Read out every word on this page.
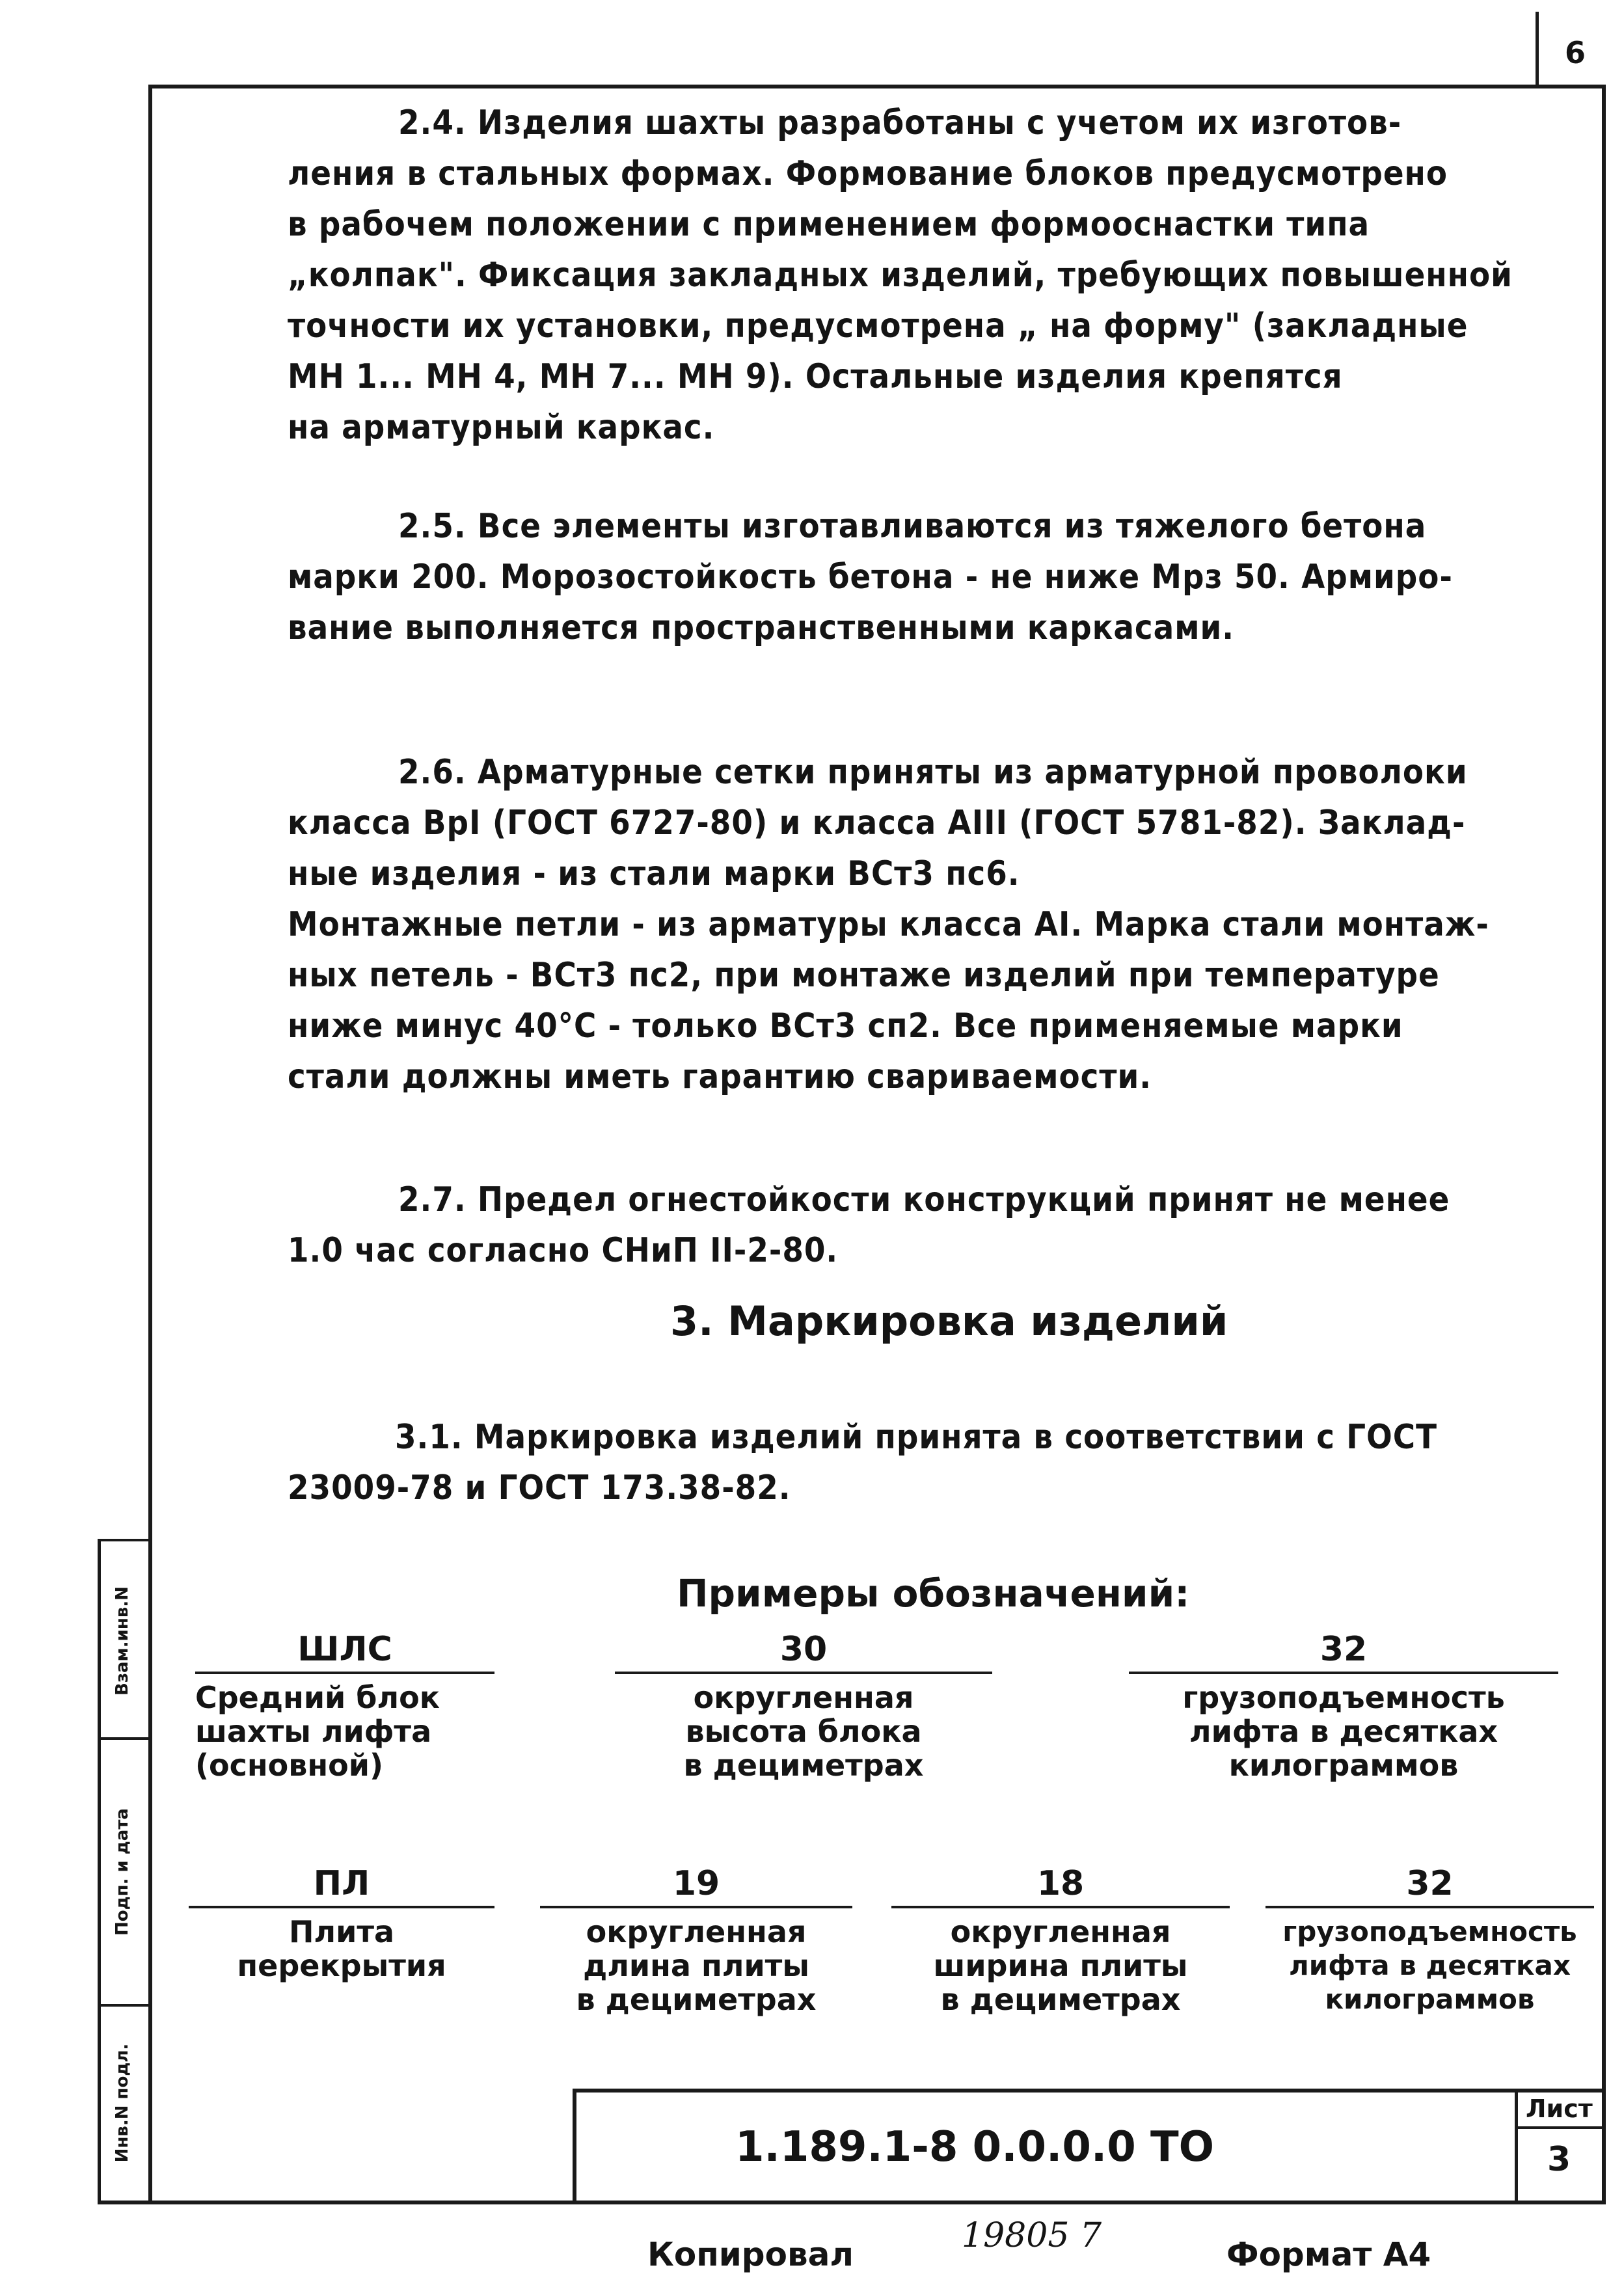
6
Взам.инв.N
Подп. и дата
Инв.N подл.
2.4. Изделия шахты разработаны с учетом их изготов-
ления в стальных формах. Формование блоков предусмотрено
в рабочем положении с применением формооснастки типа
„колпак". Фиксация закладных изделий, требующих повышенной
точности их установки, предусмотрена „ на форму" (закладные
МН 1... МН 4, МН 7... МН 9). Остальные изделия крепятся
на арматурный каркас.
2.5. Все элементы изготавливаются из тяжелого бетона
марки 200. Морозостойкость бетона - не ниже Мрз 50. Армиро-
вание выполняется пространственными каркасами.
2.6. Арматурные сетки приняты из арматурной проволоки
класса ВрI (ГОСТ 6727-80) и класса АIII (ГОСТ 5781-82). Заклад-
ные изделия - из стали марки ВСт3 пс6.
Монтажные петли - из арматуры класса АI. Марка стали монтаж-
ных петель - ВСт3 пс2, при монтаже изделий при температуре
ниже минус 40°С - только ВСт3 сп2. Все применяемые марки
стали должны иметь гарантию свариваемости.
2.7. Предел огнестойкости конструкций принят не менее
1.0 час согласно СНиП II-2-80.
3. Маркировка изделий
3.1. Маркировка изделий принята в соответствии с ГОСТ
23009-78 и ГОСТ 173.38-82.
Примеры обозначений:
ШЛС
Средний блок
шахты лифта
(основной)
30
округленная
высота блока
в дециметрах
32
грузоподъемность
лифта в десятках
килограммов
ПЛ
Плита
перекрытия
19
округленная
длина плиты
в дециметрах
18
округленная
ширина плиты
в дециметрах
32
грузоподъемность
лифта в десятках
килограммов
1.189.1-8 0.0.0.0 ТО
Лист
3
Копировал	19805 7	Формат А4
